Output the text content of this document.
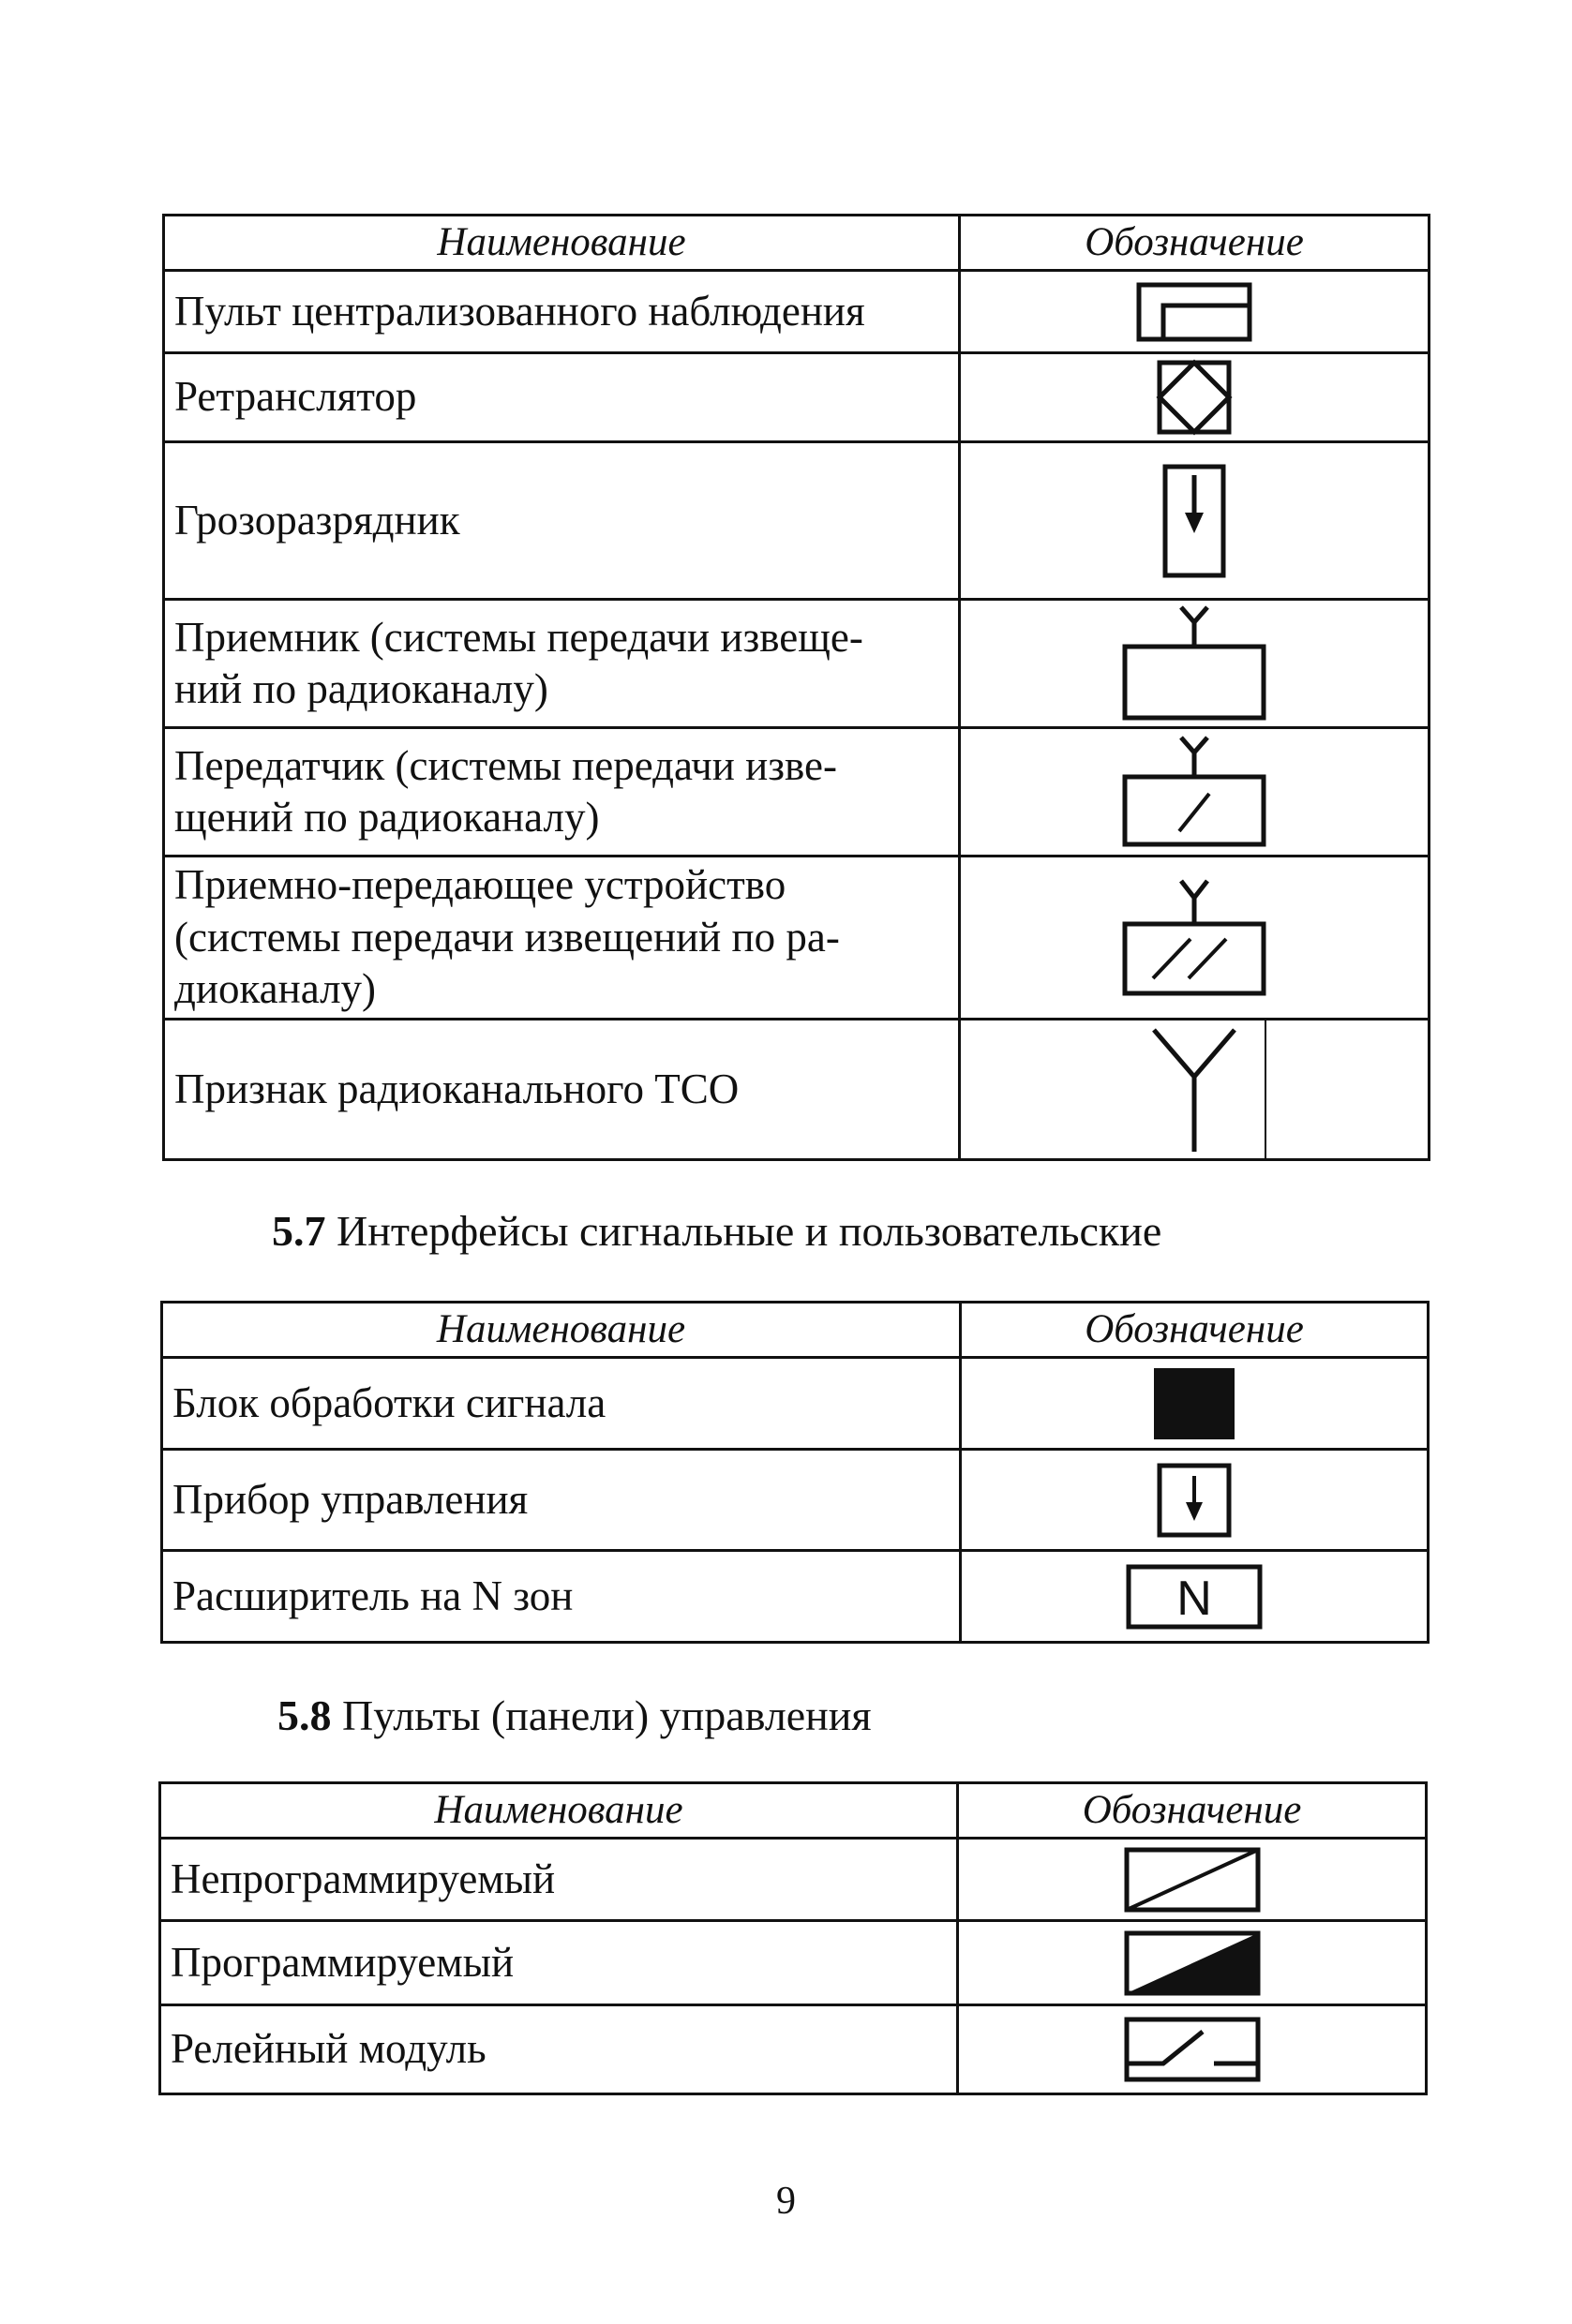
Наименование	Обозначение
Пульт централизованного наблюдения	

Ретранслятор	

Грозоразрядник	

Приемник (системы передачи извеще-
ний по радиоканалу)	

Передатчик (системы передачи изве-
щений по радиоканалу)	

Приемно-передающее устройство
(системы передачи извещений по ра-
диоканалу)	

Признак радиоканального ТСО	

5.7 Интерфейсы сигнальные и пользовательские

Наименование	Обозначение
Блок обработки сигнала	

Прибор управления	

Расширитель на N зон	N

5.8 Пульты (панели) управления

Наименование	Обозначение
Непрограммируемый	

Программируемый	

Релейный модуль	
9
